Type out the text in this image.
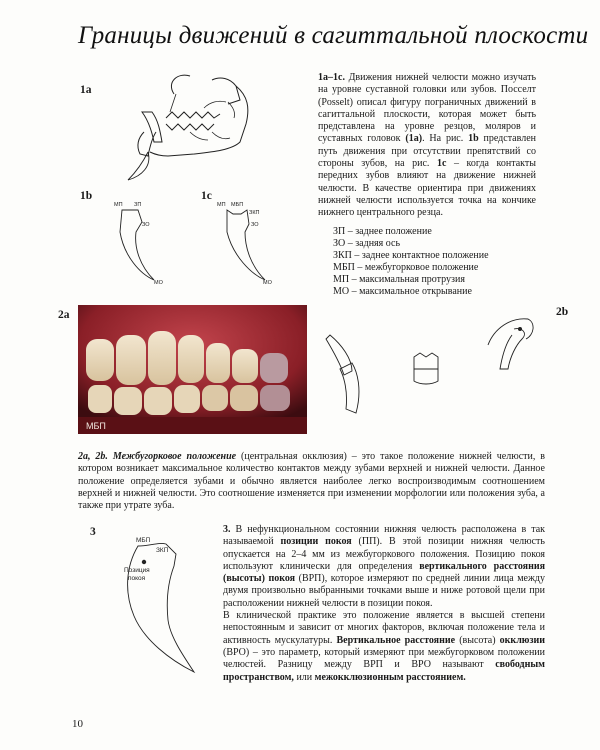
Границы движений в сагиттальной плоскости
1a
1b
МП ЗП
ЗО
МО
1c
МП МБП
ЗКП
ЗО
МО
1a–1c. Движения нижней челюсти можно изучать на уровне суставной головки или зубов. Посселт (Posselt) описал фигуру пограничных движений в сагиттальной плоскости, которая может быть представлена на уровне резцов, моляров и суставных головок (1a). На рис. 1b представлен путь движения при отсутствии препятствий со стороны зубов, на рис. 1c – когда контакты передних зубов влияют на движение нижней челюсти. В качестве ориентира при движениях нижней челюсти используется точка на кончике нижнего центрального резца.
ЗП – заднее положение
ЗО – задняя ось
ЗКП – заднее контактное положение
МБП – межбугорковое положение
МП – максимальная протрузия
МО – максимальное открывание
2a
МБП
2b
2a, 2b. Межбугорковое положение (центральная окклюзия) – это такое положение нижней челюсти, в котором возникает максимальное количество контактов между зубами верхней и нижней челюсти. Данное положение определяется зубами и обычно является наиболее легко воспроизводимым соотношением верхней и нижней челюсти. Это соотношение изменяется при изменении морфологии или положения зуба, а также при утрате зуба.
3
МБП
ЗКП
Позиция
покоя
3. В нефункциональном состоянии нижняя челюсть расположена в так называемой позиции покоя (ПП). В этой позиции нижняя челюсть опускается на 2–4 мм из межбугоркового положения. Позицию покоя используют клинически для определения вертикального расстояния (высоты) покоя (ВРП), которое измеряют по средней линии лица между двумя произвольно выбранными точками выше и ниже ротовой щели при расположении нижней челюсти в позиции покоя.
В клинической практике это положение является в высшей степени непостоянным и зависит от многих факторов, включая положение тела и активность мускулатуры. Вертикальное расстояние (высота) окклюзии (ВРО) – это параметр, который измеряют при межбугорковом положении челюстей. Разницу между ВРП и ВРО называют свободным пространством, или межокклюзионным расстоянием.
10
